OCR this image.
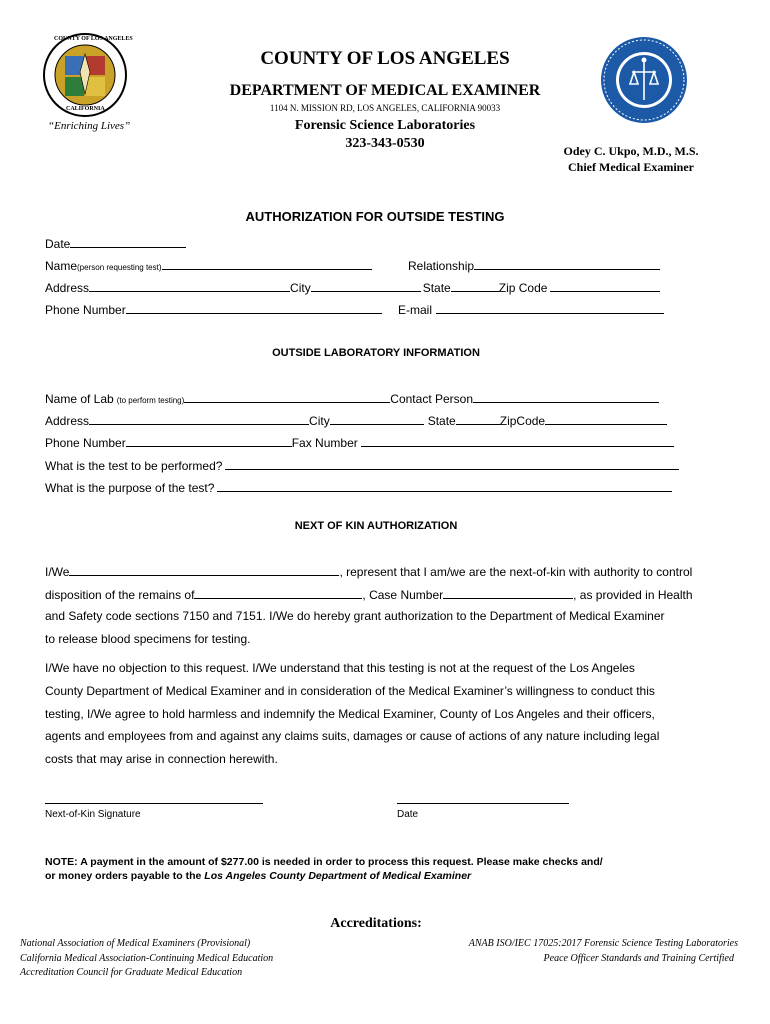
COUNTY OF LOS ANGELES
CALIFORNIA
“Enriching Lives”
COUNTY OF LOS ANGELES
DEPARTMENT OF MEDICAL EXAMINER
1104 N. MISSION RD, LOS ANGELES, CALIFORNIA 90033
Forensic Science Laboratories
323-343-0530	Odey C. Ukpo, M.D., M.S.
Chief Medical Examiner
AUTHORIZATION FOR OUTSIDE TESTING
Date
Name(person requesting test)	Relationship
Address	City	State	Zip Code
Phone Number	E-mail
OUTSIDE LABORATORY INFORMATION
Name of Lab (to perform testing)	Contact Person
Address	City	State	ZipCode
Phone Number	Fax Number
What is the test to be performed?
What is the purpose of the test?
NEXT OF KIN AUTHORIZATION
I/We	, represent that I am/we are the next-of-kin with authority to control
disposition of the remains of	, Case Number	, as provided in Health
and Safety code sections 7150 and 7151. I/We do hereby grant authorization to the Department of Medical Examiner
to release blood specimens for testing.
I/We have no objection to this request. I/We understand that this testing is not at the request of the Los Angeles
County Department of Medical Examiner and in consideration of the Medical Examiner’s willingness to conduct this
testing, I/We agree to hold harmless and indemnify the Medical Examiner, County of Los Angeles and their officers,
agents and employees from and against any claims suits, damages or cause of actions of any nature including legal
costs that may arise in connection herewith.
Next-of-Kin Signature	Date
NOTE: A payment in the amount of $277.00 is needed in order to process this request. Please make checks and/
or money orders payable to the Los Angeles County Department of Medical Examiner
Accreditations:
National Association of Medical Examiners (Provisional)
California Medical Association-Continuing Medical Education
Accreditation Council for Graduate Medical Education
ANAB ISO/IEC 17025:2017 Forensic Science Testing Laboratories
Peace Officer Standards and Training Certified
